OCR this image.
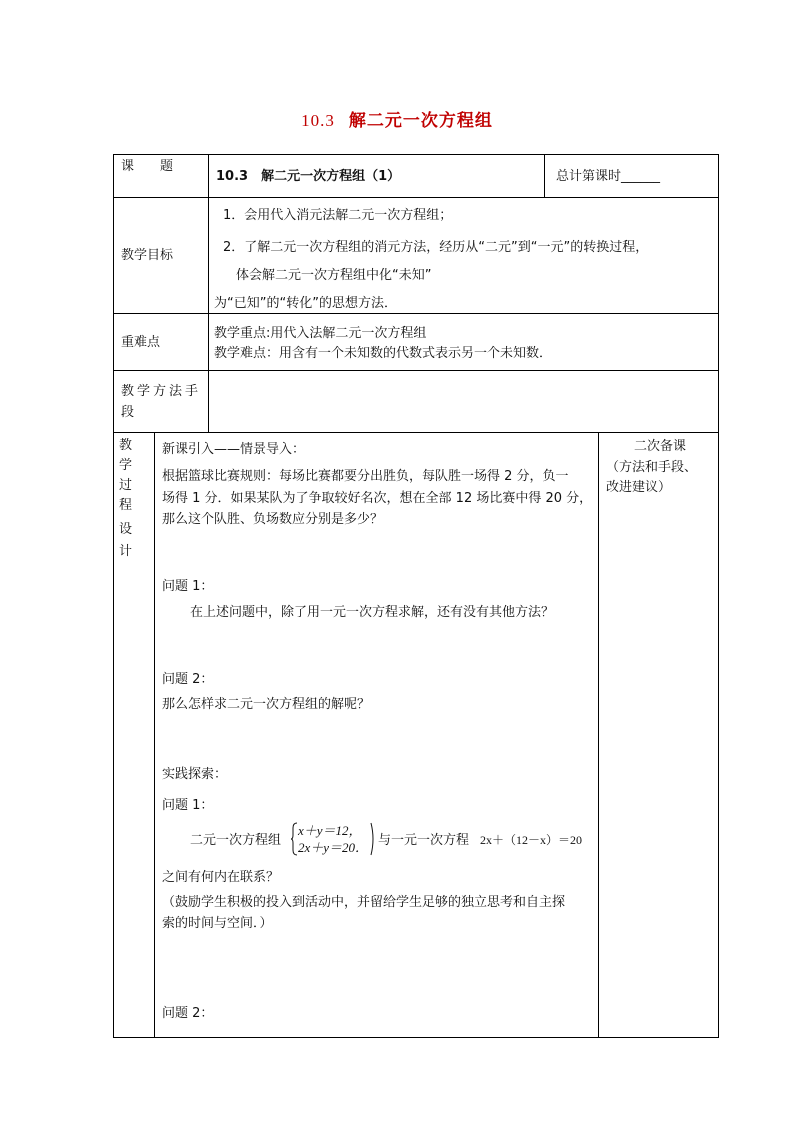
10.3 解二元一次方程组
课　　题
10.3　解二元一次方程组（1）	总计第课时______
教学目标
1．会用代入消元法解二元一次方程组；
2．了解二元一次方程组的消元方法，经历从“二元”到“一元”的转换过程，
体会解二元一次方程组中化“未知”
为“已知”的“转化”的思想方法．
重难点
教学重点:用代入法解二元一次方程组
教学难点：用含有一个未知数的代数式表示另一个未知数．
教学方法手
段
教
学
过
程
设
计
二次备课
（方法和手段、
改进建议）
新课引入——情景导入：
根据篮球比赛规则：每场比赛都要分出胜负，每队胜一场得 2 分，负一
场得 1 分．如果某队为了争取较好名次，想在全部 12 场比赛中得 20 分，
那么这个队胜、负场数应分别是多少？
问题 1：
在上述问题中，除了用一元一次方程求解，还有没有其他方法？
问题 2：
那么怎样求二元一次方程组的解呢？
实践探索：
问题 1：
二元一次方程组
x＋y＝12，
2x＋y＝20． 与一元一次方程 2x＋（12－x）＝20
之间有何内在联系？
（鼓励学生积极的投入到活动中，并留给学生足够的独立思考和自主探
索的时间与空间．）
问题 2：
